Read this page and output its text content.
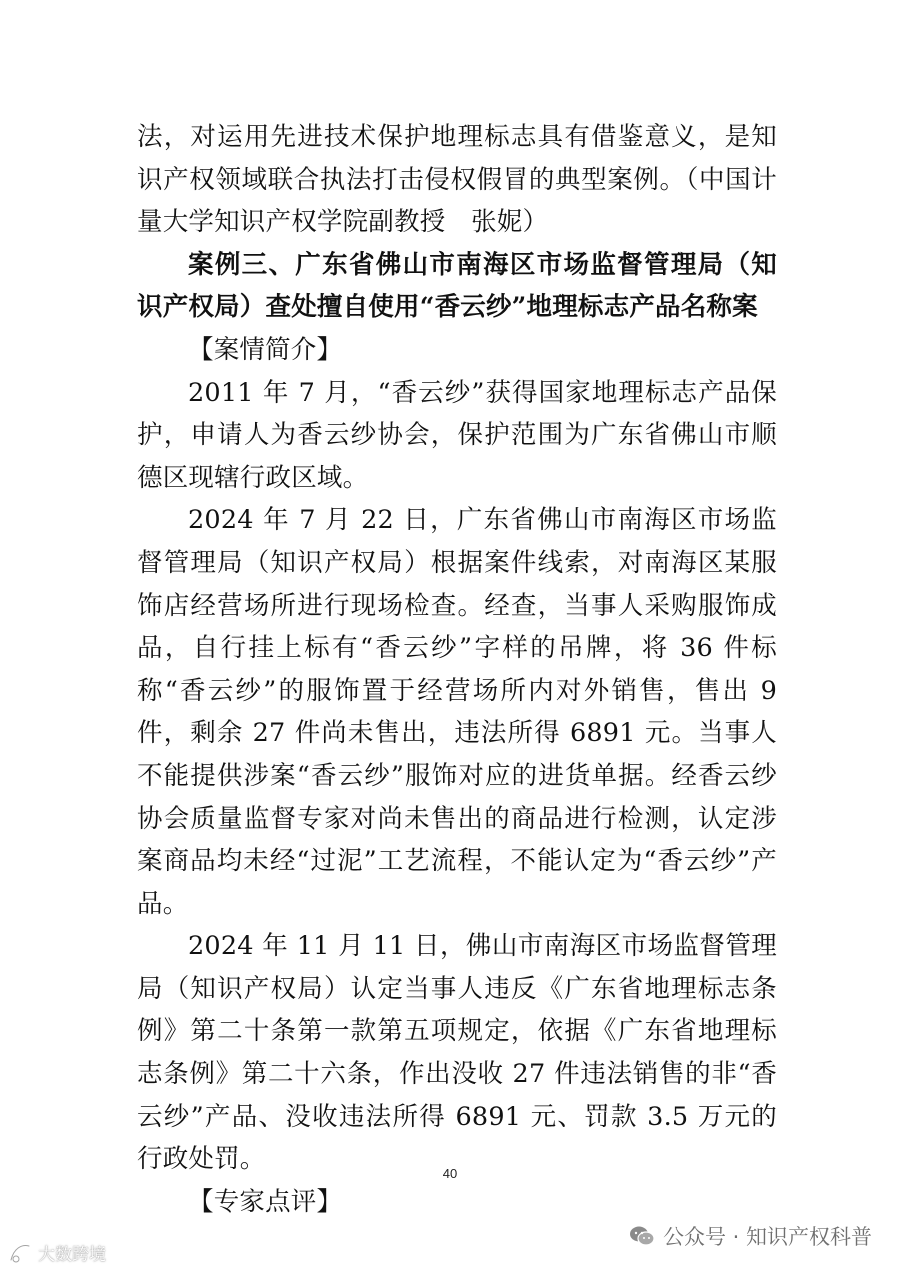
法，对运用先进技术保护地理标志具有借鉴意义，是知识产权领域联合执法打击侵权假冒的典型案例。（中国计量大学知识产权学院副教授　张妮）

案例三、广东省佛山市南海区市场监督管理局（知识产权局）查处擅自使用“香云纱”地理标志产品名称案

【案情简介】

2011 年 7 月，“香云纱”获得国家地理标志产品保护，申请人为香云纱协会，保护范围为广东省佛山市顺德区现辖行政区域。

2024 年 7 月 22 日，广东省佛山市南海区市场监督管理局（知识产权局）根据案件线索，对南海区某服饰店经营场所进行现场检查。经查，当事人采购服饰成品，自行挂上标有“香云纱”字样的吊牌，将 36 件标称“香云纱”的服饰置于经营场所内对外销售，售出 9 件，剩余 27 件尚未售出，违法所得 6891 元。当事人不能提供涉案“香云纱”服饰对应的进货单据。经香云纱协会质量监督专家对尚未售出的商品进行检测，认定涉案商品均未经“过泥”工艺流程，不能认定为“香云纱”产品。

2024 年 11 月 11 日，佛山市南海区市场监督管理局（知识产权局）认定当事人违反《广东省地理标志条例》第二十条第一款第五项规定，依据《广东省地理标志条例》第二十六条，作出没收 27 件违法销售的非“香云纱”产品、没收违法所得 6891 元、罚款 3.5 万元的行政处罚。

【专家点评】

40
公众号 · 知识产权科普
大数跨境
